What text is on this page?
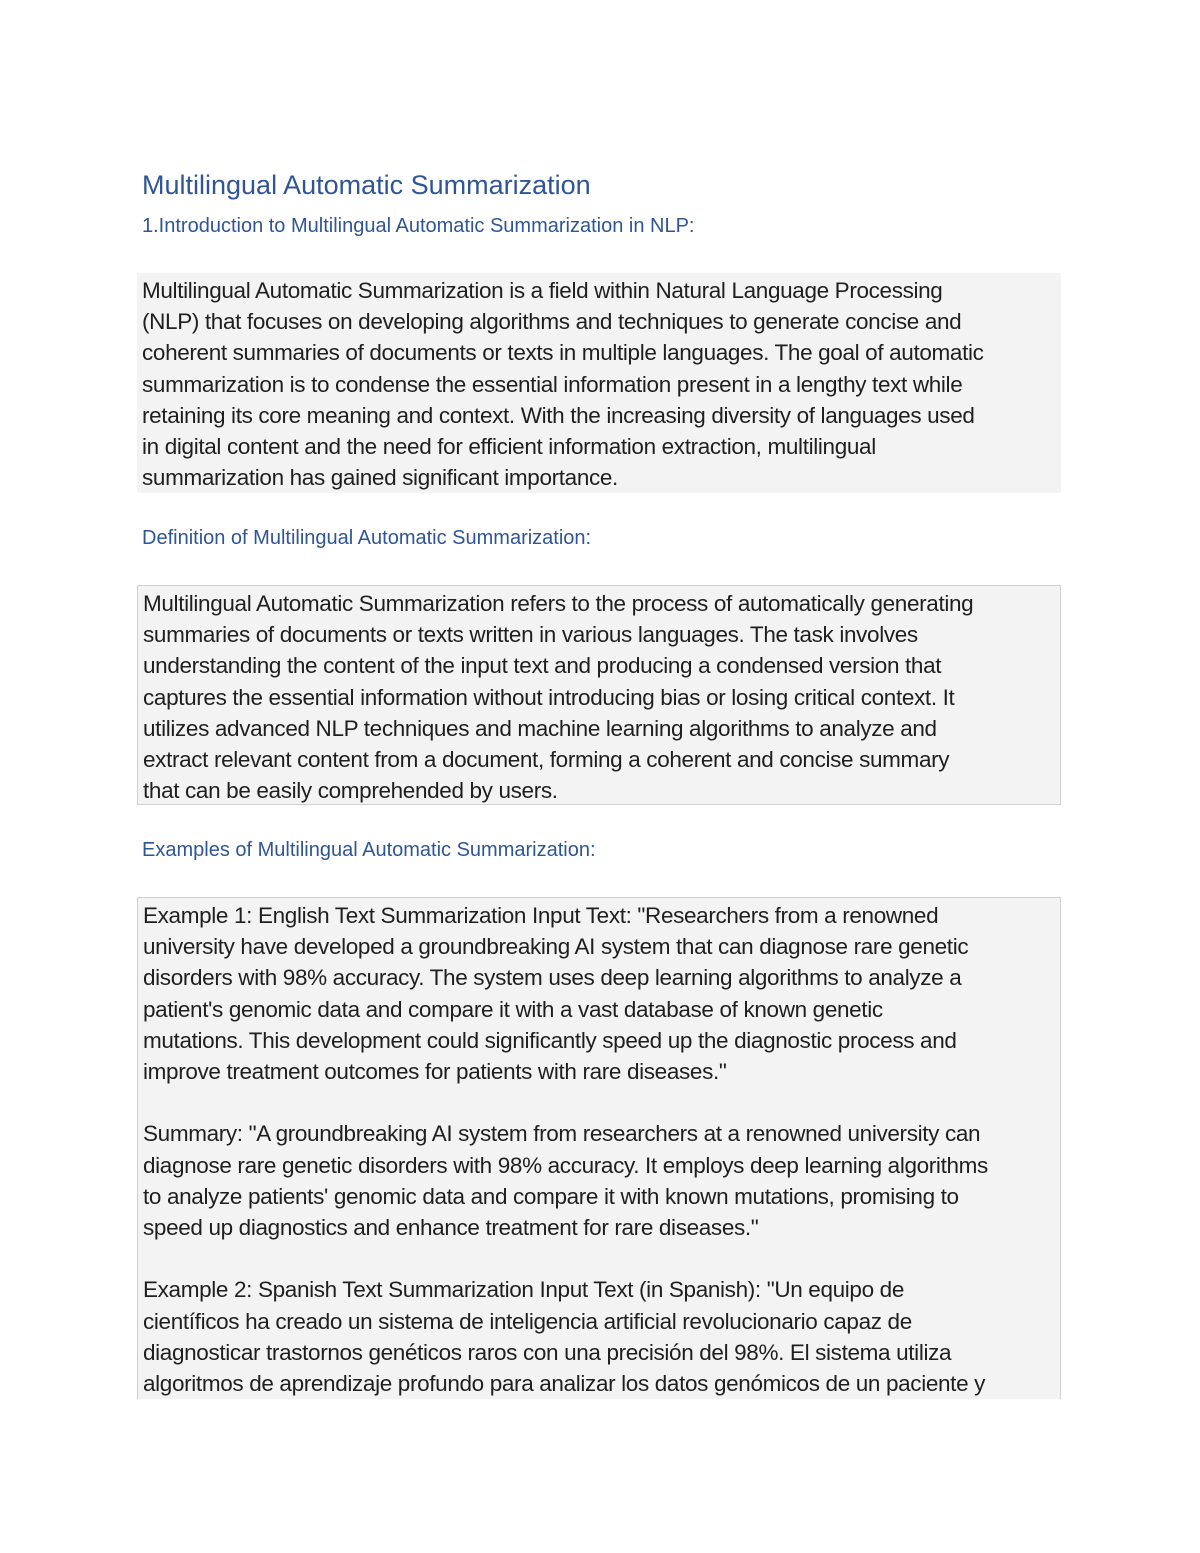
Multilingual Automatic Summarization
1.Introduction to Multilingual Automatic Summarization in NLP:

Multilingual Automatic Summarization is a field within Natural Language Processing

(NLP) that focuses on developing algorithms and techniques to generate concise and

coherent summaries of documents or texts in multiple languages. The goal of automatic

summarization is to condense the essential information present in a lengthy text while

retaining its core meaning and context. With the increasing diversity of languages used

in digital content and the need for efficient information extraction, multilingual

summarization has gained significant importance.

Definition of Multilingual Automatic Summarization:

Multilingual Automatic Summarization refers to the process of automatically generating

summaries of documents or texts written in various languages. The task involves

understanding the content of the input text and producing a condensed version that

captures the essential information without introducing bias or losing critical context. It

utilizes advanced NLP techniques and machine learning algorithms to analyze and

extract relevant content from a document, forming a coherent and concise summary

that can be easily comprehended by users.

Examples of Multilingual Automatic Summarization:

Example 1: English Text Summarization Input Text: "Researchers from a renowned

university have developed a groundbreaking AI system that can diagnose rare genetic

disorders with 98% accuracy. The system uses deep learning algorithms to analyze a

patient's genomic data and compare it with a vast database of known genetic

mutations. This development could significantly speed up the diagnostic process and

improve treatment outcomes for patients with rare diseases."

Summary: "A groundbreaking AI system from researchers at a renowned university can

diagnose rare genetic disorders with 98% accuracy. It employs deep learning algorithms

to analyze patients' genomic data and compare it with known mutations, promising to

speed up diagnostics and enhance treatment for rare diseases."

Example 2: Spanish Text Summarization Input Text (in Spanish): "Un equipo de

científicos ha creado un sistema de inteligencia artificial revolucionario capaz de

diagnosticar trastornos genéticos raros con una precisión del 98%. El sistema utiliza

algoritmos de aprendizaje profundo para analizar los datos genómicos de un paciente y
